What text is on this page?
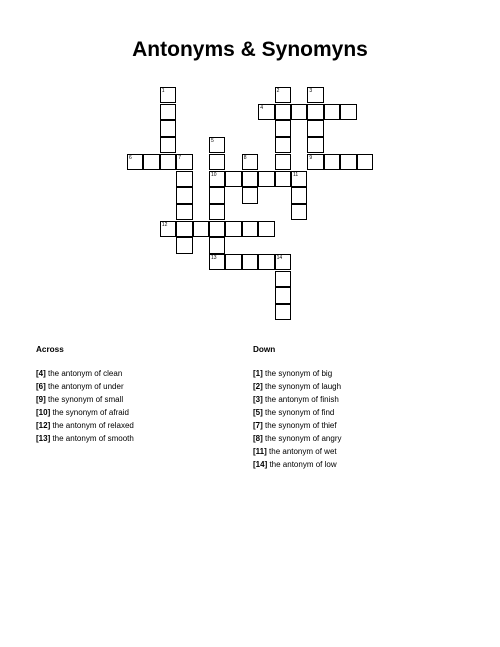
Antonyms & Synomyns
1	2	3
9
4
5
10
6	7	8
11
12
13	14
Across
[4] the antonym of clean
[6] the antonym of under
[9] the synonym of small
[10] the synonym of afraid
[12] the antonym of relaxed
[13] the antonym of smooth
Down
[1] the synonym of big
[2] the synonym of laugh
[3] the antonym of finish
[5] the synonym of find
[7] the synonym of thief
[8] the synonym of angry
[11] the antonym of wet
[14] the antonym of low
